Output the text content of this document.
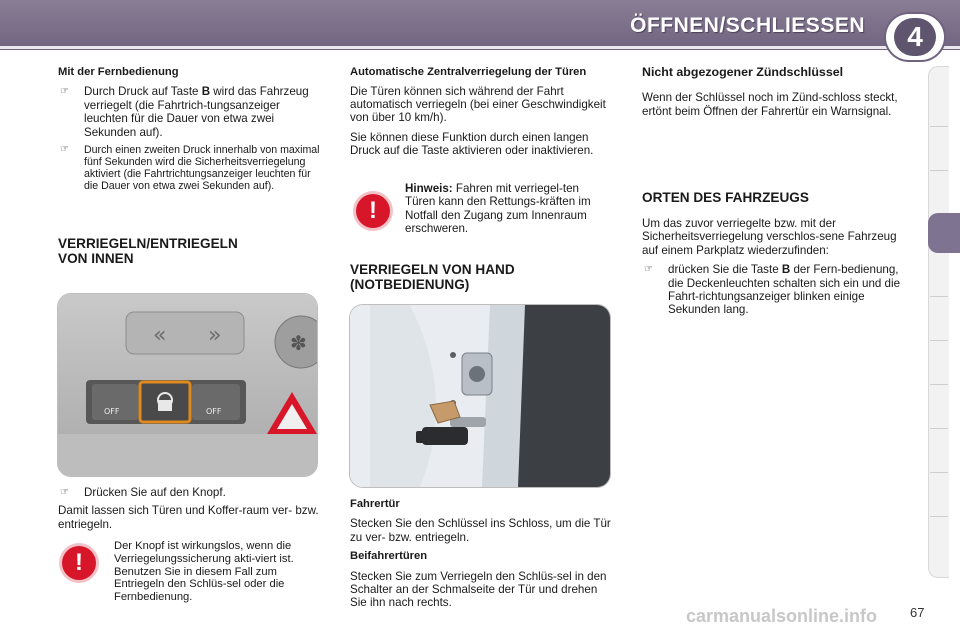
ÖFFNEN/SCHLIESSEN	4
Mit der Fernbedienung
☞ Durch Druck auf Taste B wird das Fahrzeug verriegelt (die Fahrtrich-tungsanzeiger leuchten für die Dauer von etwa zwei Sekunden auf).
☞ Durch einen zweiten Druck innerhalb von maximal fünf Sekunden wird die Sicherheitsverriegelung aktiviert (die Fahrtrichtungsanzeiger leuchten für die Dauer von etwa zwei Sekunden auf).
VERRIEGELN/ENTRIEGELN
VON INNEN
« »	✽
OFF	OFF
☞ Drücken Sie auf den Knopf.

Damit lassen sich Türen und Koffer-raum ver- bzw. entriegeln.

!
Der Knopf ist wirkungslos, wenn die Verriegelungssicherung akti-viert ist. Benutzen Sie in diesem Fall zum Entriegeln den Schlüs-sel oder die Fernbedienung.
Automatische Zentralverriegelung der Türen

Die Türen können sich während der Fahrt automatisch verriegeln (bei einer Geschwindigkeit von über 10 km/h).

Sie können diese Funktion durch einen langen Druck auf die Taste aktivieren oder inaktivieren.

!
Hinweis: Fahren mit verriegel-ten Türen kann den Rettungs-kräften im Notfall den Zugang zum Innenraum erschweren.
VERRIEGELN VON HAND
(NOTBEDIENUNG)
Fahrertür

Stecken Sie den Schlüssel ins Schloss, um die Tür zu ver- bzw. entriegeln.

Beifahrertüren

Stecken Sie zum Verriegeln den Schlüs-sel in den Schalter an der Schmalseite der Tür und drehen Sie ihn nach rechts.

Nicht abgezogener Zündschlüssel

Wenn der Schlüssel noch im Zünd-schloss steckt, ertönt beim Öffnen der Fahrertür ein Warnsignal.

ORTEN DES FAHRZEUGS

Um das zuvor verriegelte bzw. mit der Sicherheitsverriegelung verschlos-sene Fahrzeug auf einem Parkplatz wiederzufinden:

☞ drücken Sie die Taste B der Fern-bedienung, die Deckenleuchten schalten sich ein und die Fahrt-richtungsanzeiger blinken einige Sekunden lang.
carmanualsonline.info	67
